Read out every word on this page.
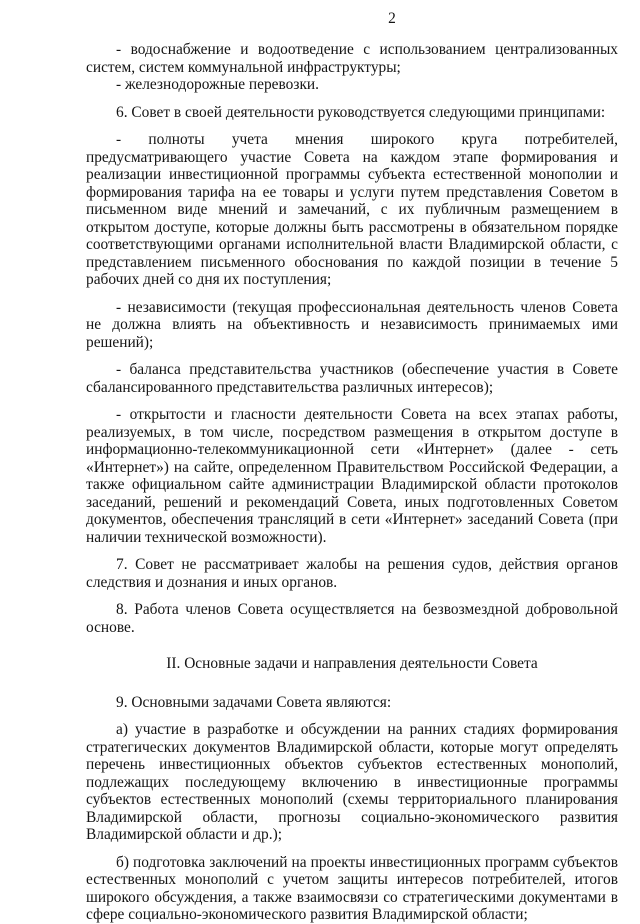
2

- водоснабжение и водоотведение с использованием централизованных систем, систем коммунальной инфраструктуры;

- железнодорожные перевозки.

6. Совет в своей деятельности руководствуется следующими принципами:

- полноты учета мнения широкого круга потребителей, предусматривающего участие Совета на каждом этапе формирования и реализации инвестиционной программы субъекта естественной монополии и формирования тарифа на ее товары и услуги путем представления Советом в письменном виде мнений и замечаний, с их публичным размещением в открытом доступе, которые должны быть рассмотрены в обязательном порядке соответствующими органами исполнительной власти Владимирской области, с представлением письменного обоснования по каждой позиции в течение 5 рабочих дней со дня их поступления;

- независимости (текущая профессиональная деятельность членов Совета не должна влиять на объективность и независимость принимаемых ими решений);

- баланса представительства участников (обеспечение участия в Совете сбалансированного представительства различных интересов);

- открытости и гласности деятельности Совета на всех этапах работы, реализуемых, в том числе, посредством размещения в открытом доступе в информационно-телекоммуникационной сети «Интернет» (далее - сеть «Интернет») на сайте, определенном Правительством Российской Федерации, а также официальном сайте администрации Владимирской области протоколов заседаний, решений и рекомендаций Совета, иных подготовленных Советом документов, обеспечения трансляций в сети «Интернет» заседаний Совета (при наличии технической возможности).

7. Совет не рассматривает жалобы на решения судов, действия органов следствия и дознания и иных органов.

8. Работа членов Совета осуществляется на безвозмездной добровольной основе.

II. Основные задачи и направления деятельности Совета

9. Основными задачами Совета являются:

а) участие в разработке и обсуждении на ранних стадиях формирования стратегических документов Владимирской области, которые могут определять перечень инвестиционных объектов субъектов естественных монополий, подлежащих последующему включению в инвестиционные программы субъектов естественных монополий (схемы территориального планирования Владимирской области, прогнозы социально-экономического развития Владимирской области и др.);

б) подготовка заключений на проекты инвестиционных программ субъектов естественных монополий с учетом защиты интересов потребителей, итогов широкого обсуждения, а также взаимосвязи со стратегическими документами в сфере социально-экономического развития Владимирской области;
